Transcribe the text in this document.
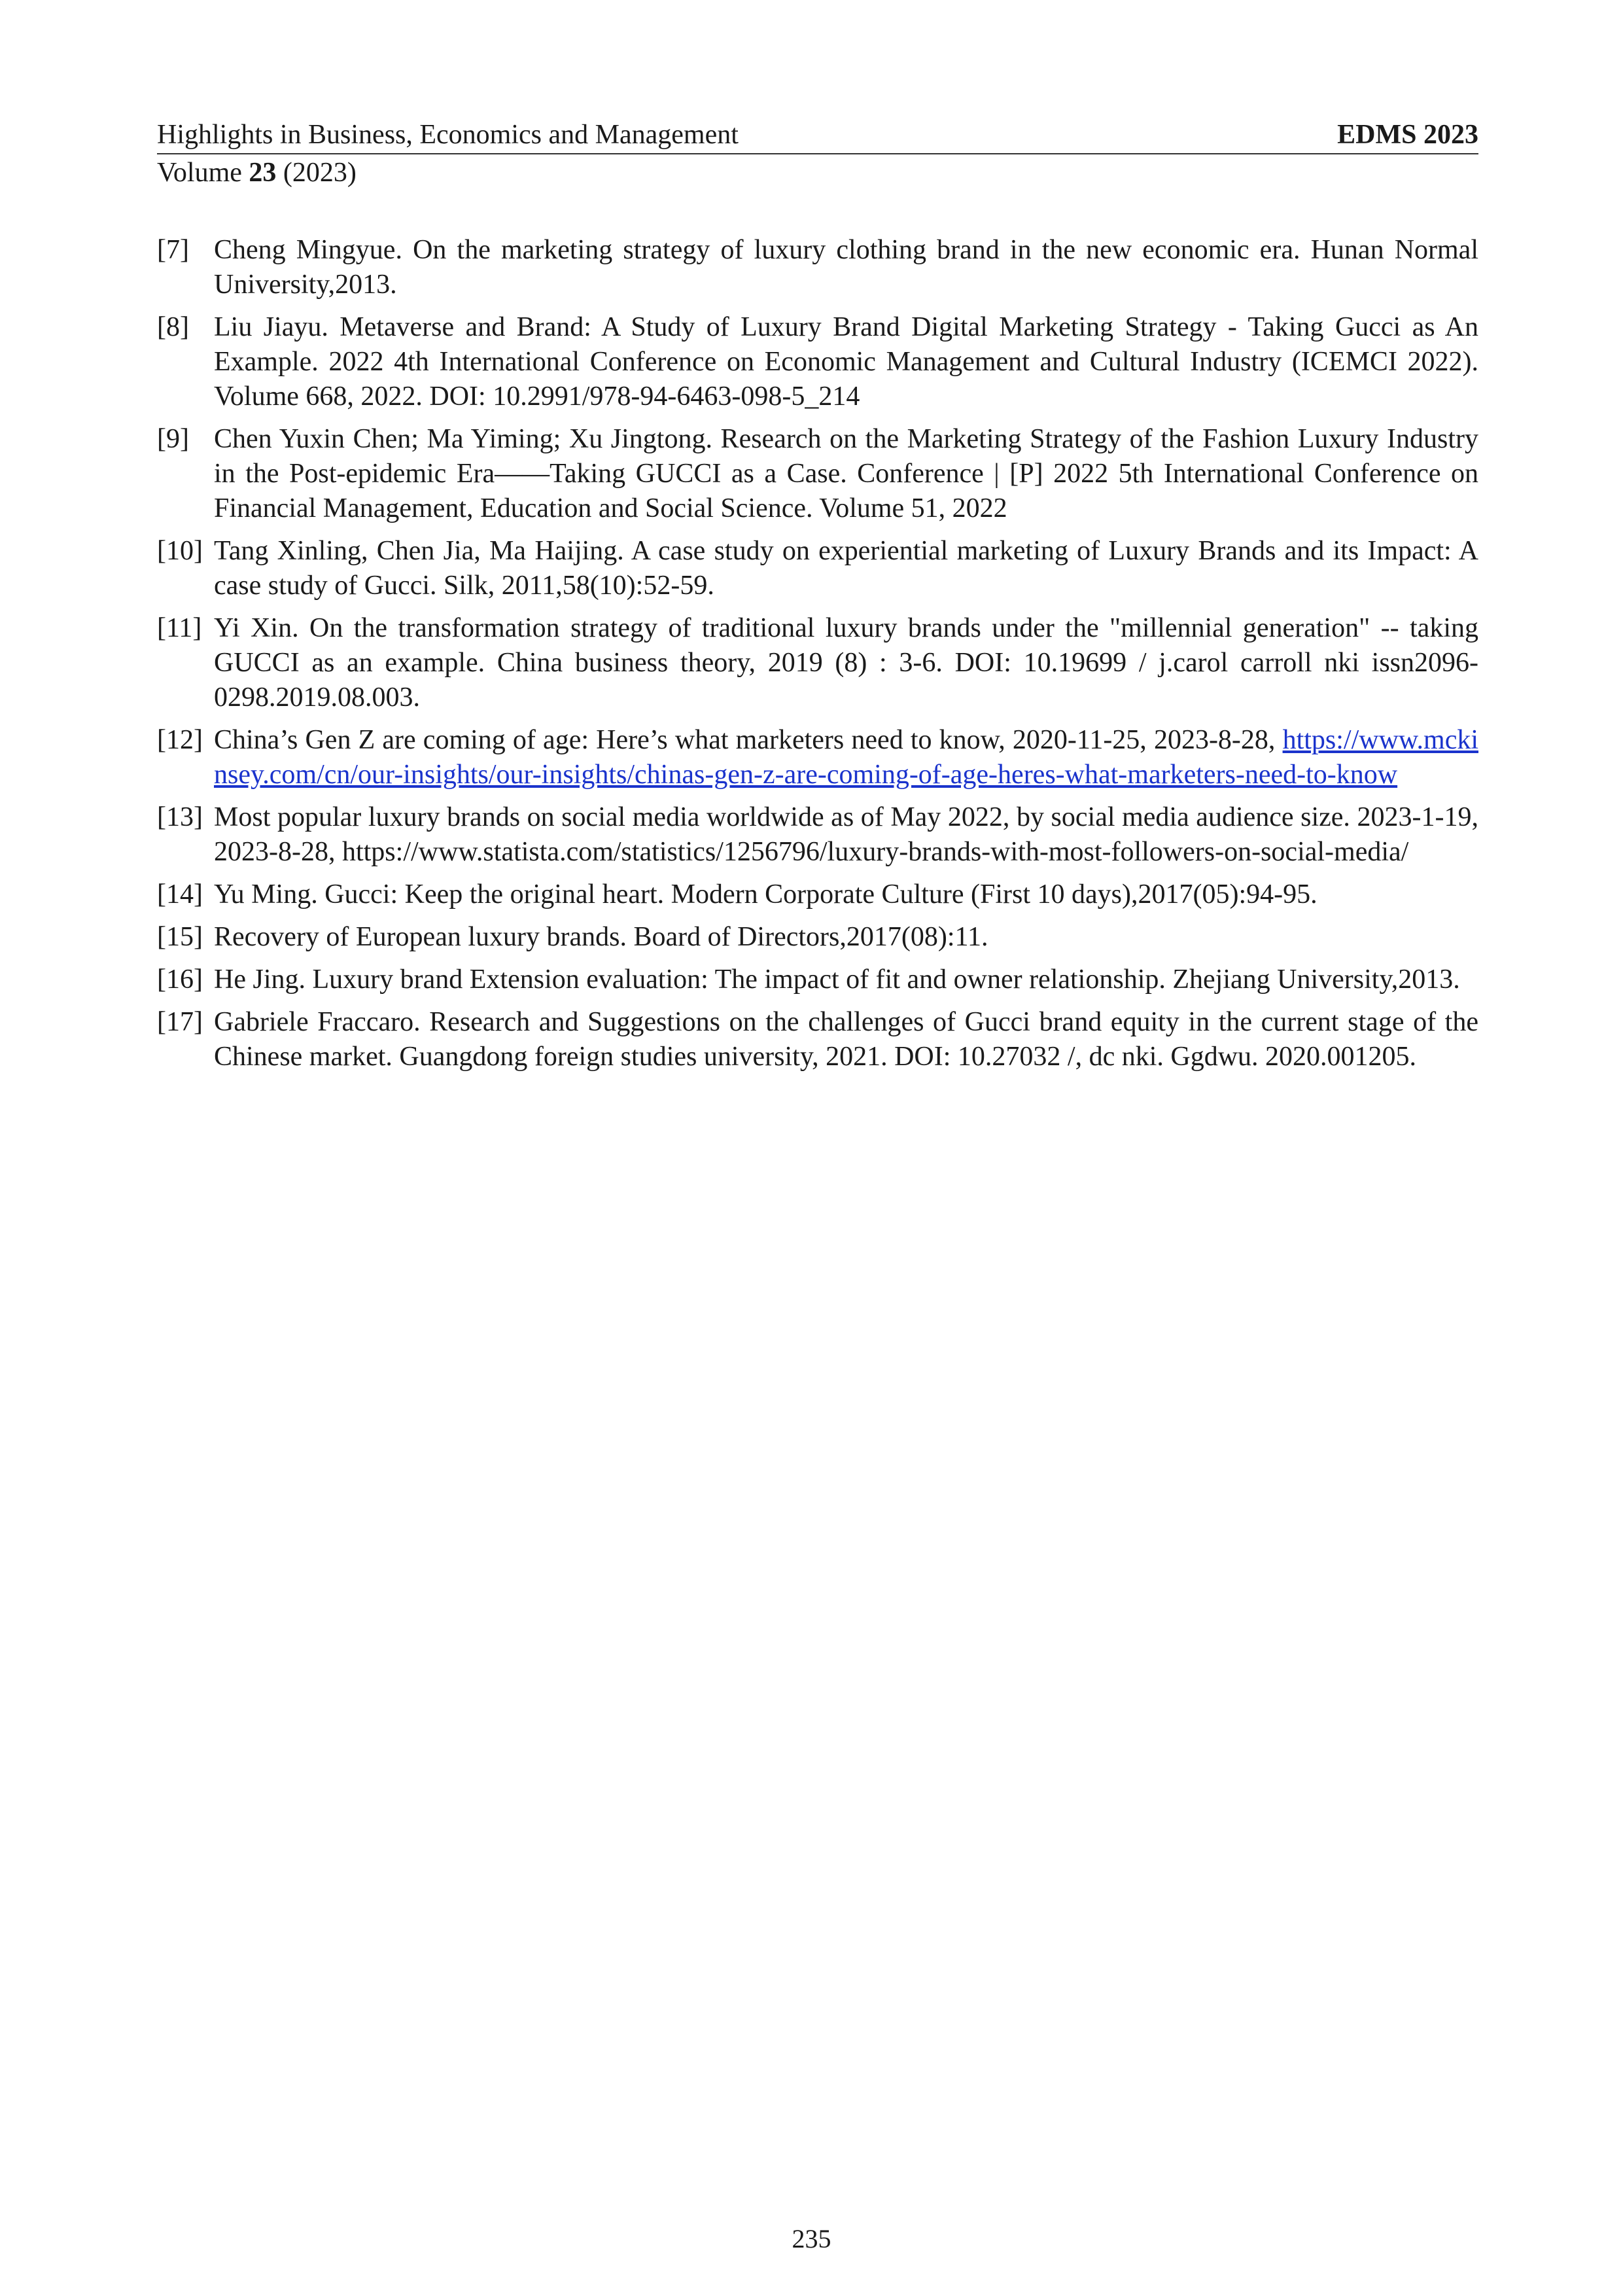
Highlights in Business, Economics and Management	EDMS 2023
Volume 23 (2023)
[7] Cheng Mingyue. On the marketing strategy of luxury clothing brand in the new economic era. Hunan Normal University,2013.
[8] Liu Jiayu. Metaverse and Brand: A Study of Luxury Brand Digital Marketing Strategy - Taking Gucci as An Example. 2022 4th International Conference on Economic Management and Cultural Industry (ICEMCI 2022). Volume 668, 2022. DOI: 10.2991/978-94-6463-098-5_214
[9] Chen Yuxin Chen; Ma Yiming; Xu Jingtong. Research on the Marketing Strategy of the Fashion Luxury Industry in the Post-epidemic Era——Taking GUCCI as a Case. Conference | [P] 2022 5th International Conference on Financial Management, Education and Social Science. Volume 51, 2022
[10] Tang Xinling, Chen Jia, Ma Haijing. A case study on experiential marketing of Luxury Brands and its Impact: A case study of Gucci. Silk, 2011,58(10):52-59.
[11] Yi Xin. On the transformation strategy of traditional luxury brands under the "millennial generation" -- taking GUCCI as an example. China business theory, 2019 (8) : 3-6. DOI: 10.19699 / j.carol carroll nki issn2096-0298.2019.08.003.
[12] China’s Gen Z are coming of age: Here’s what marketers need to know, 2020-11-25, 2023-8-28, https://www.mckinsey.com/cn/our-insights/our-insights/chinas-gen-z-are-coming-of-age-heres-what-marketers-need-to-know
[13] Most popular luxury brands on social media worldwide as of May 2022, by social media audience size. 2023-1-19, 2023-8-28, https://www.statista.com/statistics/1256796/luxury-brands-with-most-followers-on-social-media/
[14] Yu Ming. Gucci: Keep the original heart. Modern Corporate Culture (First 10 days),2017(05):94-95.
[15] Recovery of European luxury brands. Board of Directors,2017(08):11.
[16] He Jing. Luxury brand Extension evaluation: The impact of fit and owner relationship. Zhejiang University,2013.
[17] Gabriele Fraccaro. Research and Suggestions on the challenges of Gucci brand equity in the current stage of the Chinese market. Guangdong foreign studies university, 2021. DOI: 10.27032 /, dc nki. Ggdwu. 2020.001205.
235
